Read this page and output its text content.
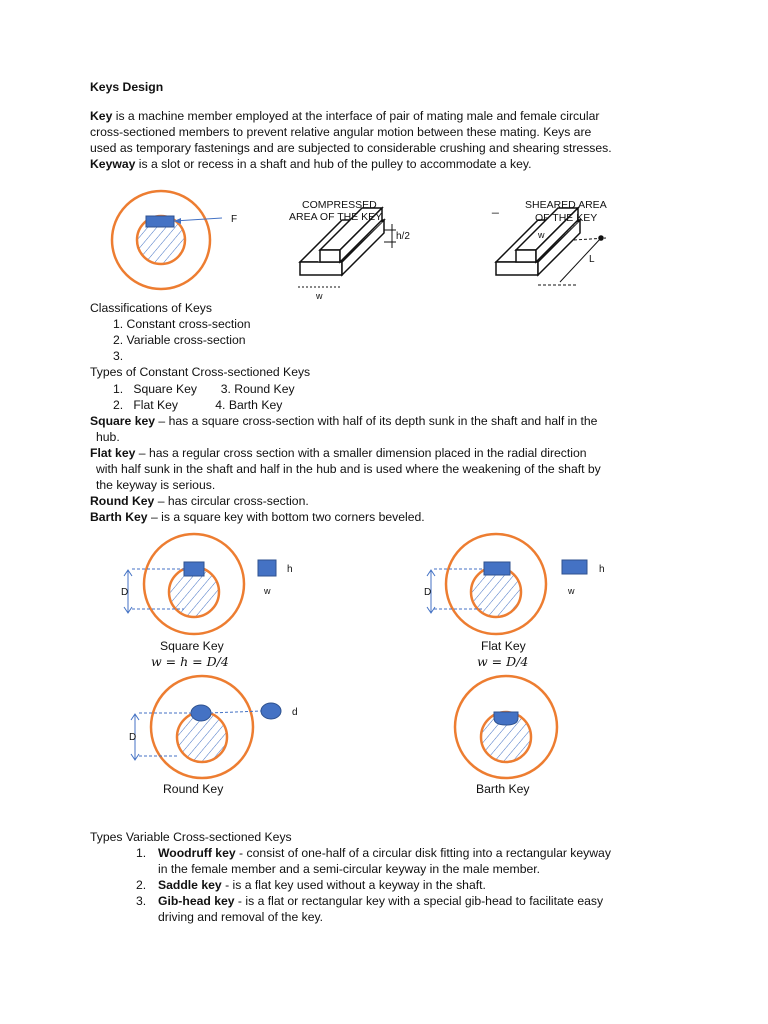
Keys Design
Key is a machine member employed at the interface of pair of mating male and female circular
cross-sectioned members to prevent relative angular motion between these mating. Keys are
used as temporary fastenings and are subjected to considerable crushing and shearing stresses.
Keyway is a slot or recess in a shaft and hub of the pulley to accommodate a key.
F
COMPRESSED
AREA OF THE KEY
h/2
w
_ SHEARED AREA
OF THE KEY
w
L
Classifications of Keys
1. Constant cross-section
2. Variable cross-section
3.
Types of Constant Cross-sectioned Keys
1.   Square Key       3. Round Key
2.   Flat Key           4. Barth Key
Square key – has a square cross-section with half of its depth sunk in the shaft and half in the
hub.
Flat key – has a regular cross section with a smaller dimension placed in the radial direction
with half sunk in the shaft and half in the hub and is used where the weakening of the shaft by
the keyway is serious.
Round Key – has circular cross-section.
Barth Key – is a square key with bottom two corners beveled.
h
w
D
Square Key
w = h = D/4
h
w
D
Flat Key
w = D/4
d
D
Round Key	Barth Key
Types Variable Cross-sectioned Keys
1. Woodruff key - consist of one-half of a circular disk fitting into a rectangular keyway
in the female member and a semi-circular keyway in the male member.
2. Saddle key - is a flat key used without a keyway in the shaft.
3. Gib-head key - is a flat or rectangular key with a special gib-head to facilitate easy
driving and removal of the key.
